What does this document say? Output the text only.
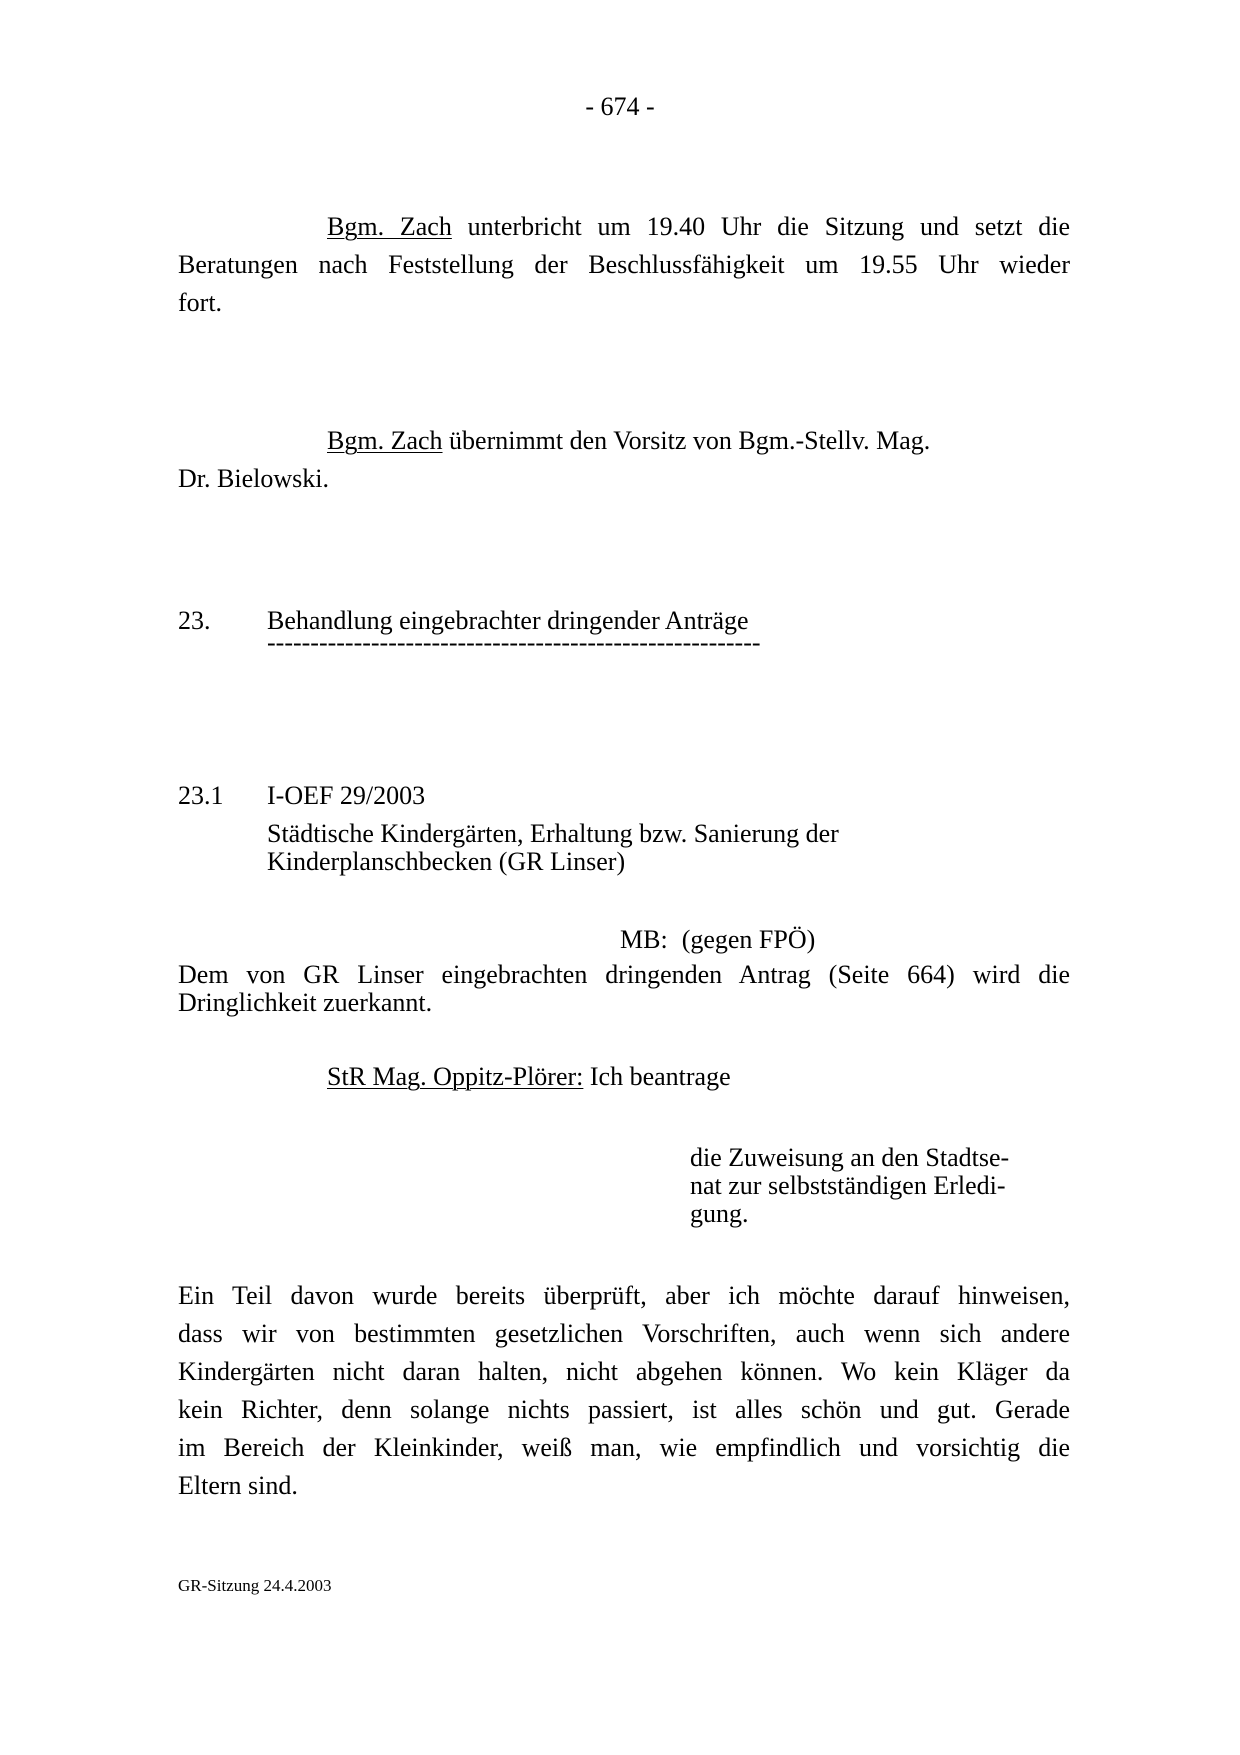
- 674 -
Bgm. Zach unterbricht um 19.40 Uhr die Sitzung und setzt die
Beratungen nach Feststellung der Beschlussfähigkeit um 19.55 Uhr wieder
fort.
Bgm. Zach übernimmt den Vorsitz von Bgm.-Stellv. Mag.
Dr. Bielowski.
23. Behandlung eingebrachter dringender Anträge
---------------------------------------------------------
23.1 I-OEF 29/2003
Städtische Kindergärten, Erhaltung bzw. Sanierung der
Kinderplanschbecken (GR Linser)
MB: (gegen FPÖ)
Dem von GR Linser eingebrachten dringenden Antrag (Seite 664) wird die
Dringlichkeit zuerkannt.
StR Mag. Oppitz-Plörer: Ich beantrage
die Zuweisung an den Stadtse-
nat zur selbstständigen Erledi-
gung.
Ein Teil davon wurde bereits überprüft, aber ich möchte darauf hinweisen,
dass wir von bestimmten gesetzlichen Vorschriften, auch wenn sich andere
Kindergärten nicht daran halten, nicht abgehen können. Wo kein Kläger da
kein Richter, denn solange nichts passiert, ist alles schön und gut. Gerade
im Bereich der Kleinkinder, weiß man, wie empfindlich und vorsichtig die
Eltern sind.
GR-Sitzung 24.4.2003
